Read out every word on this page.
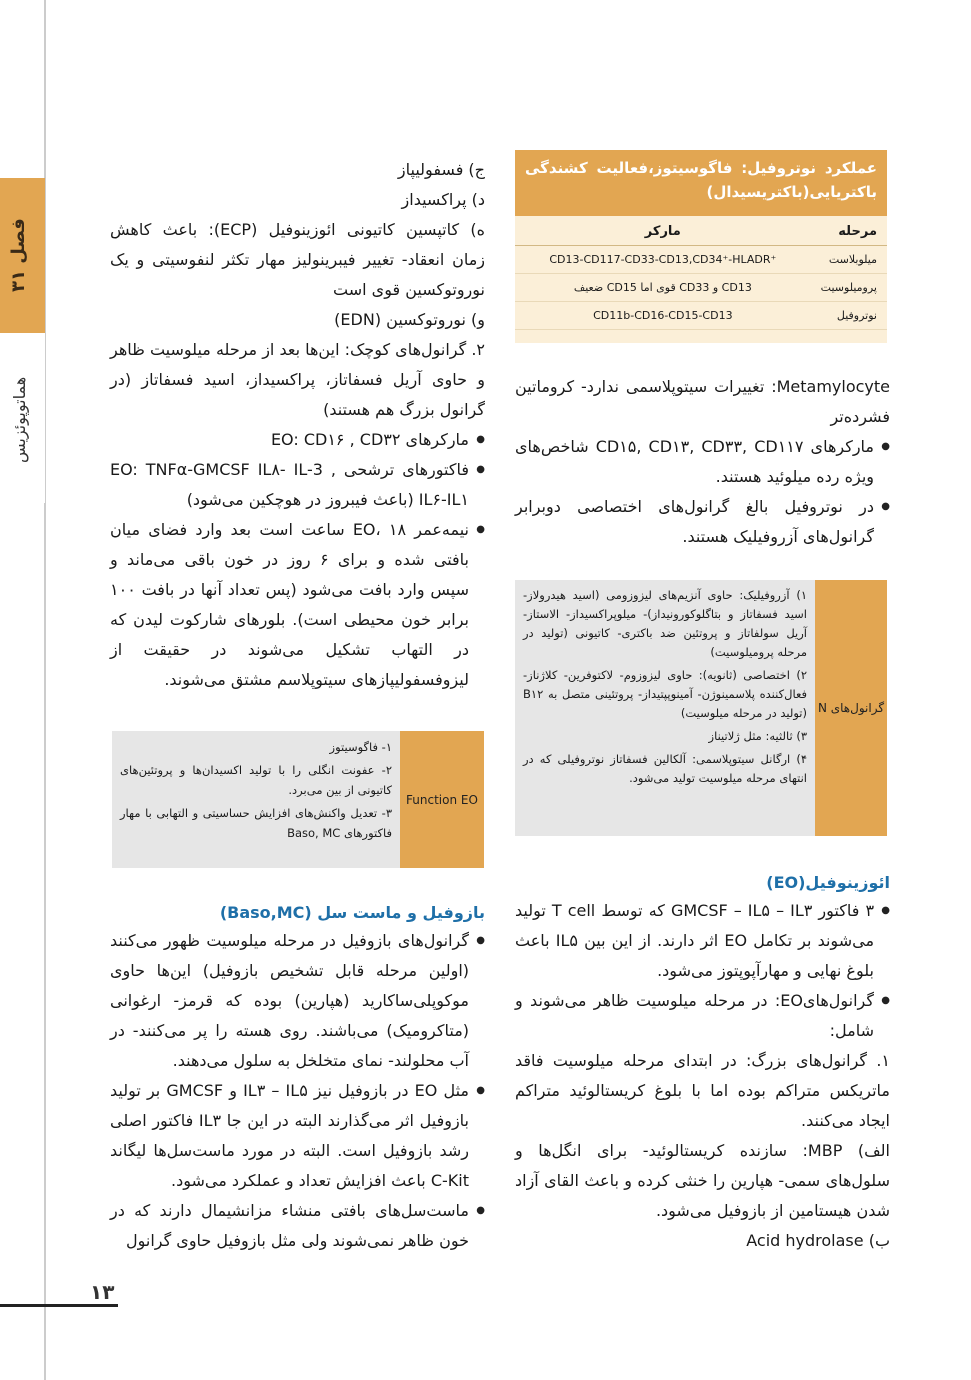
فصل ۳۱
هماتوپوئزیس
عملکرد نوتروفیل: فاگوسیتوز،فعالیت کشندگی باکتریایی(باکتریسیدال)
مرحله	مارکر
میلوبلاست	CD13-CD117-CD33-CD13,CD34⁺-HLADR⁺
پرومیلوسیت	CD13 و CD33 قوی اما CD15 ضعیف
نوتروفیل	CD11b-CD16-CD15-CD13

Metamylocyte: تغییرات سیتوپلاسمی ندارد- کروماتین فشرده‌تر

● مارکرهای CD۱۵, CD۱۳, CD۳۳, CD۱۱۷ شاخص‌های ویژه رده میلوئید هستند.
● در نوتروفیل بالغ گرانول‌های اختصاصی دوبرابر گرانول‌های آزروفیلیک هستند.
گرانول‌های N

۱) آزروفیلیک: حاوی آنزیم‌های لیزوزومی (اسید هیدرولاز- اسید فسفاتاز و بتاگلوکورونیداز)- میلوپراکسیداز- الاستاز- آریل سولفاتاز و پروتئین ضد باکتری- کاتیونی (تولید در مرحله پرومیلوسیت)

۲) اختصاصی (ثانویه): حاوی لیزوزوم- لاکتوفرین- کلاژناز- فعال‌کننده پلاسمینوژن- آمینوپپتیداز- پروتئینی متصل به B۱۲ (تولید در مرحله میلوسیت)

۳) ثالثیه: مثل ژلاتیناز

۴) ارگانل سیتوپلاسمی: آلکالین فسفاتاز نوتروفیلی که در انتهای مرحله میلوسیت تولید می‌شود.

ائوزینوفیل(EO)
● ۳ فاکتور GMCSF – IL۵ – IL۳ که توسط T cell تولید می‌شوند بر تکامل EO اثر دارند. از این بین IL۵ باعث بلوغ نهایی و مهارآپوپتوز می‌شود.
● گرانول‌هایEO: در مرحله میلوسیت ظاهر می‌شوند و شامل:

۱. گرانول‌های بزرگ: در ابتدای مرحله میلوسیت فاقد ماتریکس متراکم بوده اما با بلوغ کریستالوئید متراکم ایجاد می‌کنند.

الف) MBP: سازنده کریستالوئید- برای انگل‌ها و سلول‌های سمی- هپارین را خنثی کرده و باعث القای آزاد شدن هیستامین از بازوفیل می‌شود.

ب) Acid hydrolase

ج) فسفولیپاز

د) پراکسیداز

ه) کاتپسین کاتیونی ائوزینوفیل (ECP): باعث کاهش زمان انعقاد- تغییر فیبرینولیز مهار تکثر لنفوسیتی و یک نوروتوکسین قوی است

و) نوروتوکسین (EDN)

۲. گرانول‌های کوچک: این‌ها بعد از مرحله میلوسیت ظاهر و حاوی آریل فسفاتاز، پراکسیداز، اسید فسفاتاز (در گرانول بزرگ هم هستند)

● مارکرهای EO: CD۱۶ , CD۳۲
● فاکتورهای ترشحی EO: TNFα-GMCSF IL۸- IL-3 , IL۶-IL۱ (باعث فیبروز در هوچکین می‌شود)
● نیمه‌عمر EO، ۱۸ ساعت است بعد وارد فضای میان بافتی شده و برای ۶ روز در خون باقی می‌ماند و سپس وارد بافت می‌شود (پس تعداد آنها در بافت ۱۰۰ برابر خون محیطی است). بلورهای شارکوت لیدن که در التهاب تشکیل می‌شوند در حقیقت از لیزوفسفولیپازهای سیتوپلاسم مشتق می‌شوند.
Function EO

۱- فاگوسیتوز

۲- عفونت انگلی را با تولید اکسیدان‌ها و پروتئین‌های کاتیونی از بین می‌برد.

۳- تعدیل واکنش‌های افزایش حساسیتی و التهابی با مهار فاکتورهای Baso, MC

بازوفیل و ماست سل (Baso,MC)
● گرانول‌های بازوفیل در مرحله میلوسیت ظهور می‌کنند (اولین مرحله قابل تشخیص بازوفیل) این‌ها حاوی موکوپلی‌ساکارید (هپارین) بوده که قرمز- ارغوانی (متاکرومیک) می‌باشند. روی هسته را پر می‌کنند- در آب محلولند- نمای متخلخل به سلول می‌دهند.
● مثل EO در بازوفیل نیز IL۳ – IL۵ و GMCSF بر تولید بازوفیل اثر می‌گذارند البته در این جا IL۳ فاکتور اصلی رشد بازوفیل است. البته در مورد ماست‌سل‌ها لیگاند C-Kit باعث افزایش تعداد و عملکرد می‌شود.
● ماست‌سل‌های بافتی منشاء مزانشیمال دارند که در خون ظاهر نمی‌شوند ولی مثل بازوفیل حاوی گرانول
۱۳
